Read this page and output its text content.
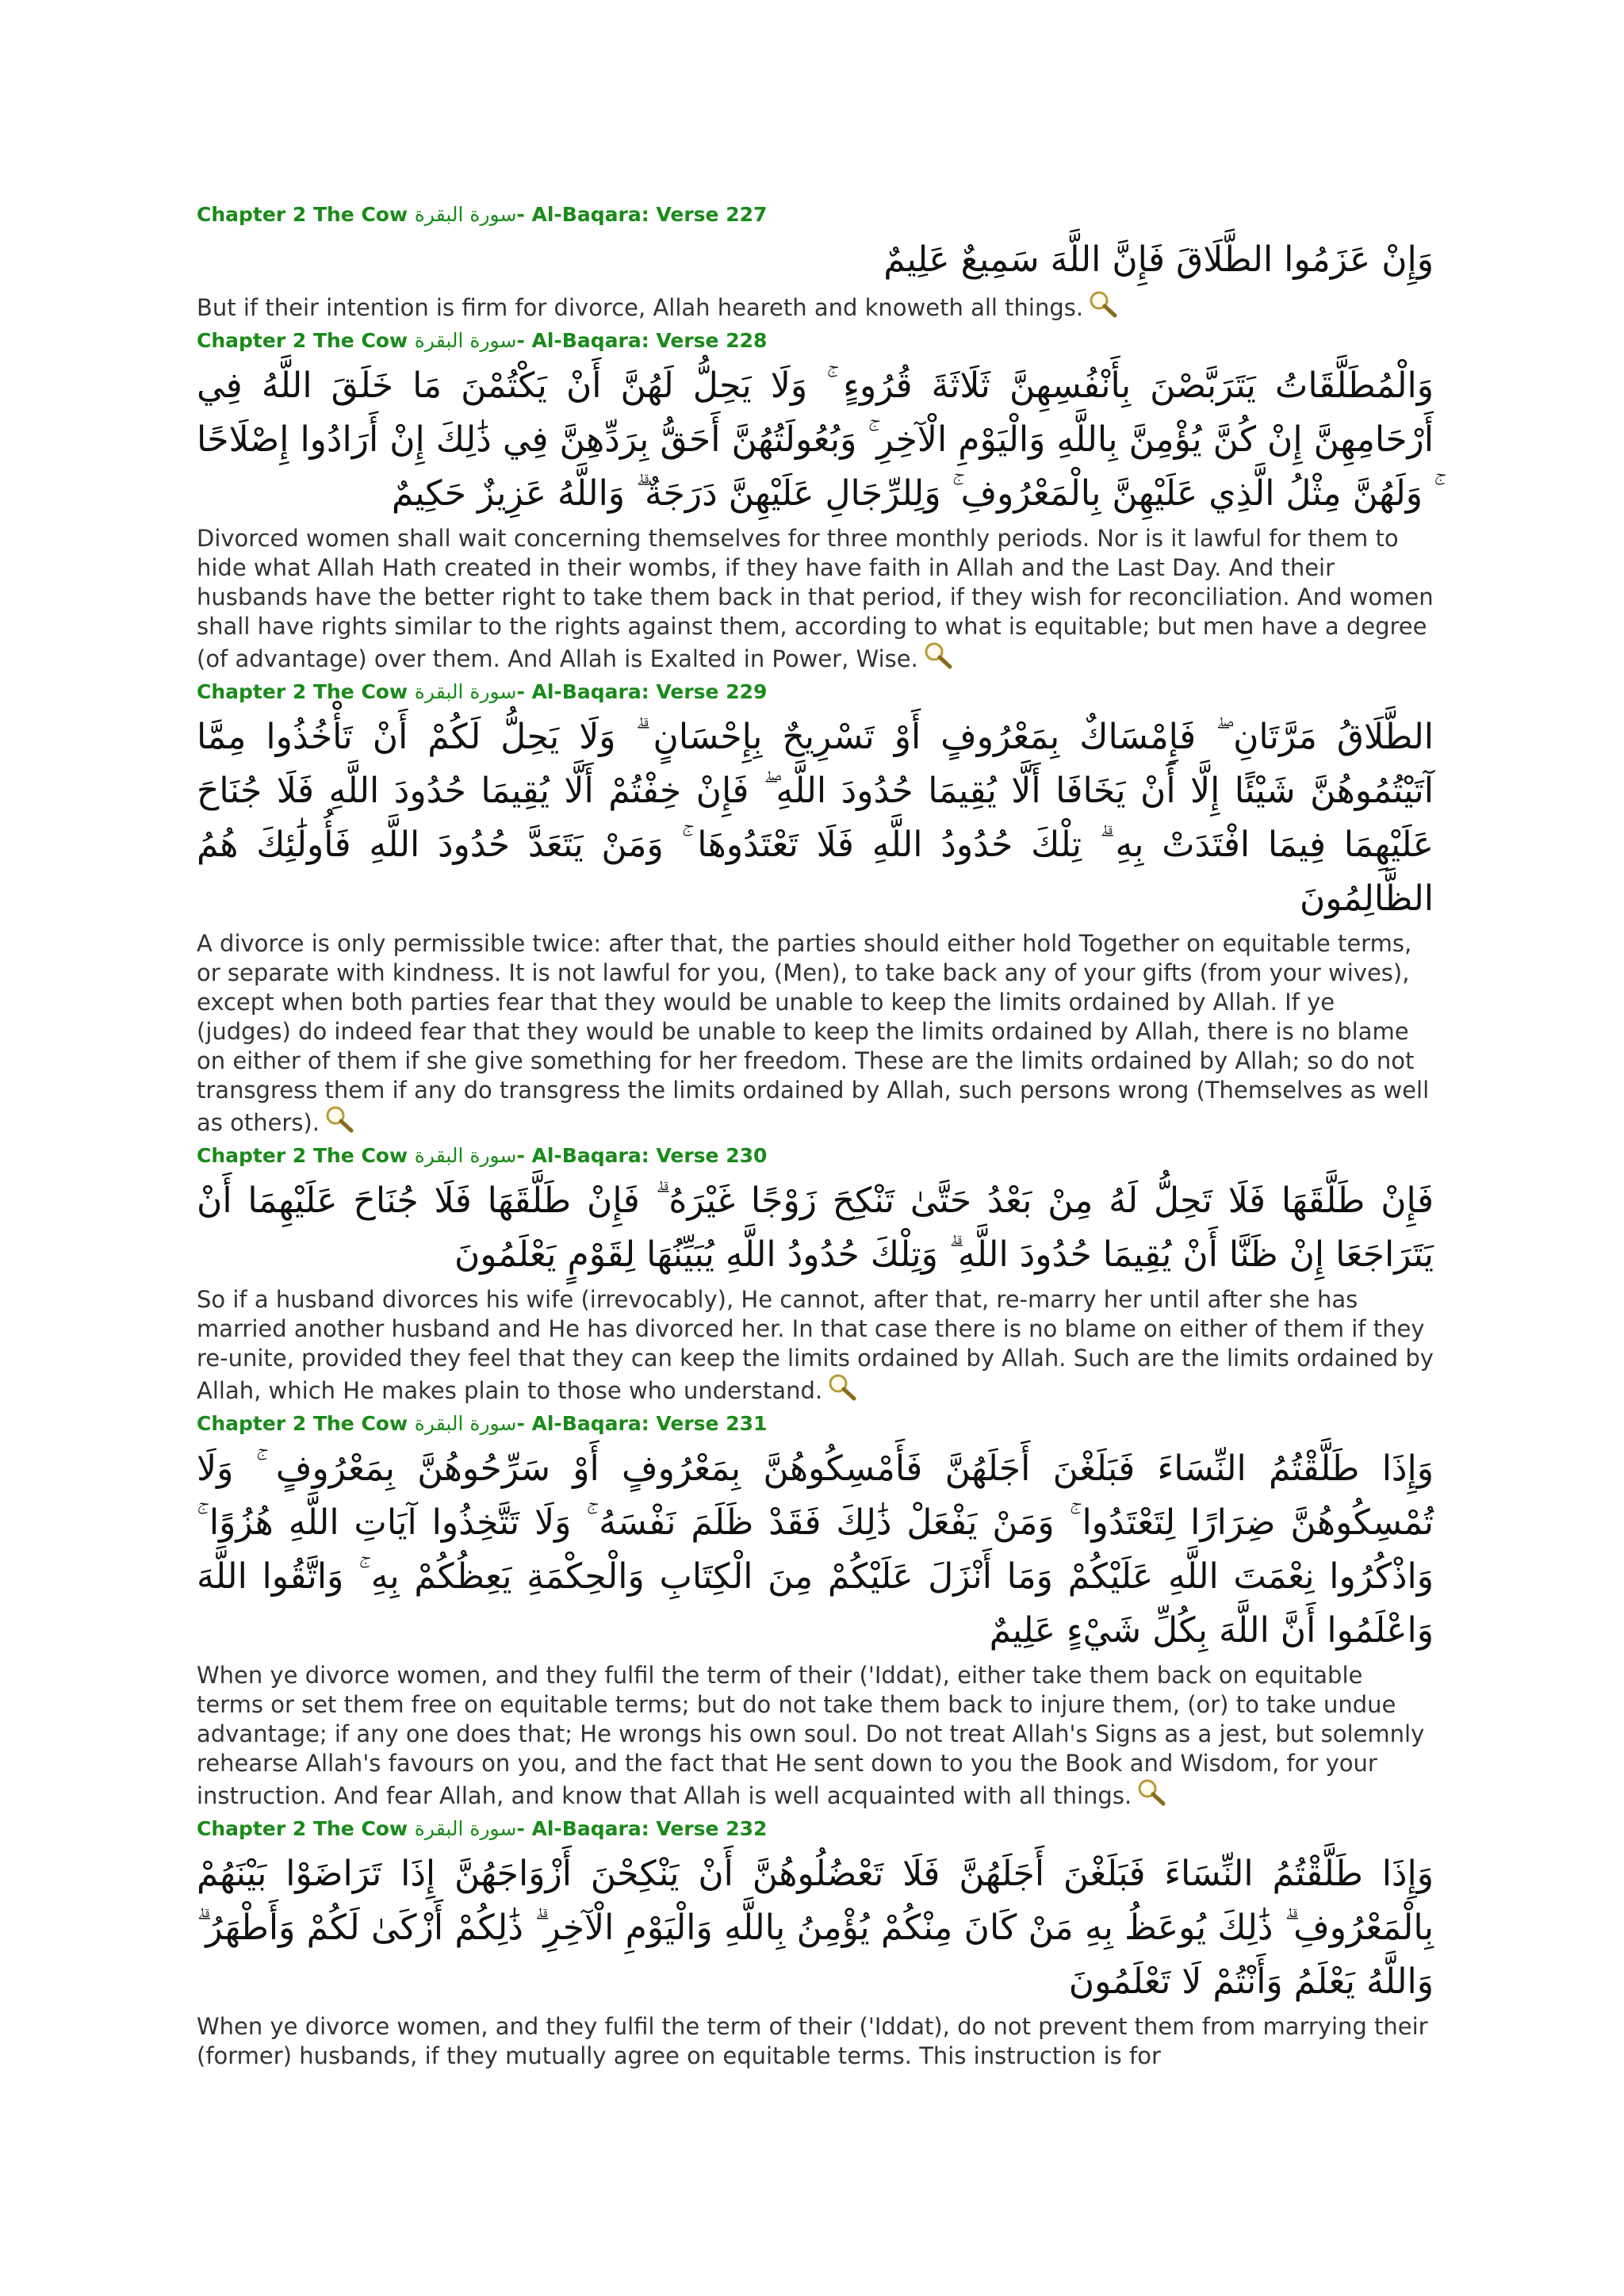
Chapter 2 The Cow سورة البقرة- Al-Baqara: Verse 227
وَإِنْ عَزَمُوا الطَّلَاقَ فَإِنَّ اللَّهَ سَمِيعٌ عَلِيمٌ
But if their intention is firm for divorce, Allah heareth and knoweth all things.
Chapter 2 The Cow سورة البقرة- Al-Baqara: Verse 228
وَالْمُطَلَّقَاتُ يَتَرَبَّصْنَ بِأَنْفُسِهِنَّ ثَلَاثَةَ قُرُوءٍ ۚ وَلَا يَحِلُّ لَهُنَّ أَنْ يَكْتُمْنَ مَا خَلَقَ اللَّهُ فِي أَرْحَامِهِنَّ إِنْ كُنَّ يُؤْمِنَّ بِاللَّهِ وَالْيَوْمِ الْآخِرِ ۚ وَبُعُولَتُهُنَّ أَحَقُّ بِرَدِّهِنَّ فِي ذَٰلِكَ إِنْ أَرَادُوا إِصْلَاحًا ۚ وَلَهُنَّ مِثْلُ الَّذِي عَلَيْهِنَّ بِالْمَعْرُوفِ ۚ وَلِلرِّجَالِ عَلَيْهِنَّ دَرَجَةٌ ۗ وَاللَّهُ عَزِيزٌ حَكِيمٌ
Divorced women shall wait concerning themselves for three monthly periods. Nor is it lawful for them to hide what Allah Hath created in their wombs, if they have faith in Allah and the Last Day. And their husbands have the better right to take them back in that period, if they wish for reconciliation. And women shall have rights similar to the rights against them, according to what is equitable; but men have a degree (of advantage) over them. And Allah is Exalted in Power, Wise.
Chapter 2 The Cow سورة البقرة- Al-Baqara: Verse 229
الطَّلَاقُ مَرَّتَانِ ۖ فَإِمْسَاكٌ بِمَعْرُوفٍ أَوْ تَسْرِيحٌ بِإِحْسَانٍ ۗ وَلَا يَحِلُّ لَكُمْ أَنْ تَأْخُذُوا مِمَّا آتَيْتُمُوهُنَّ شَيْئًا إِلَّا أَنْ يَخَافَا أَلَّا يُقِيمَا حُدُودَ اللَّهِ ۖ فَإِنْ خِفْتُمْ أَلَّا يُقِيمَا حُدُودَ اللَّهِ فَلَا جُنَاحَ عَلَيْهِمَا فِيمَا افْتَدَتْ بِهِ ۗ تِلْكَ حُدُودُ اللَّهِ فَلَا تَعْتَدُوهَا ۚ وَمَنْ يَتَعَدَّ حُدُودَ اللَّهِ فَأُولَٰئِكَ هُمُ الظَّالِمُونَ
A divorce is only permissible twice: after that, the parties should either hold Together on equitable terms, or separate with kindness. It is not lawful for you, (Men), to take back any of your gifts (from your wives), except when both parties fear that they would be unable to keep the limits ordained by Allah. If ye (judges) do indeed fear that they would be unable to keep the limits ordained by Allah, there is no blame on either of them if she give something for her freedom. These are the limits ordained by Allah; so do not transgress them if any do transgress the limits ordained by Allah, such persons wrong (Themselves as well as others).
Chapter 2 The Cow سورة البقرة- Al-Baqara: Verse 230
فَإِنْ طَلَّقَهَا فَلَا تَحِلُّ لَهُ مِنْ بَعْدُ حَتَّىٰ تَنْكِحَ زَوْجًا غَيْرَهُ ۗ فَإِنْ طَلَّقَهَا فَلَا جُنَاحَ عَلَيْهِمَا أَنْ يَتَرَاجَعَا إِنْ ظَنَّا أَنْ يُقِيمَا حُدُودَ اللَّهِ ۗ وَتِلْكَ حُدُودُ اللَّهِ يُبَيِّنُهَا لِقَوْمٍ يَعْلَمُونَ
So if a husband divorces his wife (irrevocably), He cannot, after that, re-marry her until after she has married another husband and He has divorced her. In that case there is no blame on either of them if they re-unite, provided they feel that they can keep the limits ordained by Allah. Such are the limits ordained by Allah, which He makes plain to those who understand.
Chapter 2 The Cow سورة البقرة- Al-Baqara: Verse 231
وَإِذَا طَلَّقْتُمُ النِّسَاءَ فَبَلَغْنَ أَجَلَهُنَّ فَأَمْسِكُوهُنَّ بِمَعْرُوفٍ أَوْ سَرِّحُوهُنَّ بِمَعْرُوفٍ ۚ وَلَا تُمْسِكُوهُنَّ ضِرَارًا لِتَعْتَدُوا ۚ وَمَنْ يَفْعَلْ ذَٰلِكَ فَقَدْ ظَلَمَ نَفْسَهُ ۚ وَلَا تَتَّخِذُوا آيَاتِ اللَّهِ هُزُوًا ۚ وَاذْكُرُوا نِعْمَتَ اللَّهِ عَلَيْكُمْ وَمَا أَنْزَلَ عَلَيْكُمْ مِنَ الْكِتَابِ وَالْحِكْمَةِ يَعِظُكُمْ بِهِ ۚ وَاتَّقُوا اللَّهَ وَاعْلَمُوا أَنَّ اللَّهَ بِكُلِّ شَيْءٍ عَلِيمٌ
When ye divorce women, and they fulfil the term of their ('Iddat), either take them back on equitable terms or set them free on equitable terms; but do not take them back to injure them, (or) to take undue advantage; if any one does that; He wrongs his own soul. Do not treat Allah's Signs as a jest, but solemnly rehearse Allah's favours on you, and the fact that He sent down to you the Book and Wisdom, for your instruction. And fear Allah, and know that Allah is well acquainted with all things.
Chapter 2 The Cow سورة البقرة- Al-Baqara: Verse 232
وَإِذَا طَلَّقْتُمُ النِّسَاءَ فَبَلَغْنَ أَجَلَهُنَّ فَلَا تَعْضُلُوهُنَّ أَنْ يَنْكِحْنَ أَزْوَاجَهُنَّ إِذَا تَرَاضَوْا بَيْنَهُمْ بِالْمَعْرُوفِ ۗ ذَٰلِكَ يُوعَظُ بِهِ مَنْ كَانَ مِنْكُمْ يُؤْمِنُ بِاللَّهِ وَالْيَوْمِ الْآخِرِ ۗ ذَٰلِكُمْ أَزْكَىٰ لَكُمْ وَأَطْهَرُ ۗ وَاللَّهُ يَعْلَمُ وَأَنْتُمْ لَا تَعْلَمُونَ
When ye divorce women, and they fulfil the term of their ('Iddat), do not prevent them from marrying their (former) husbands, if they mutually agree on equitable terms. This instruction is for
